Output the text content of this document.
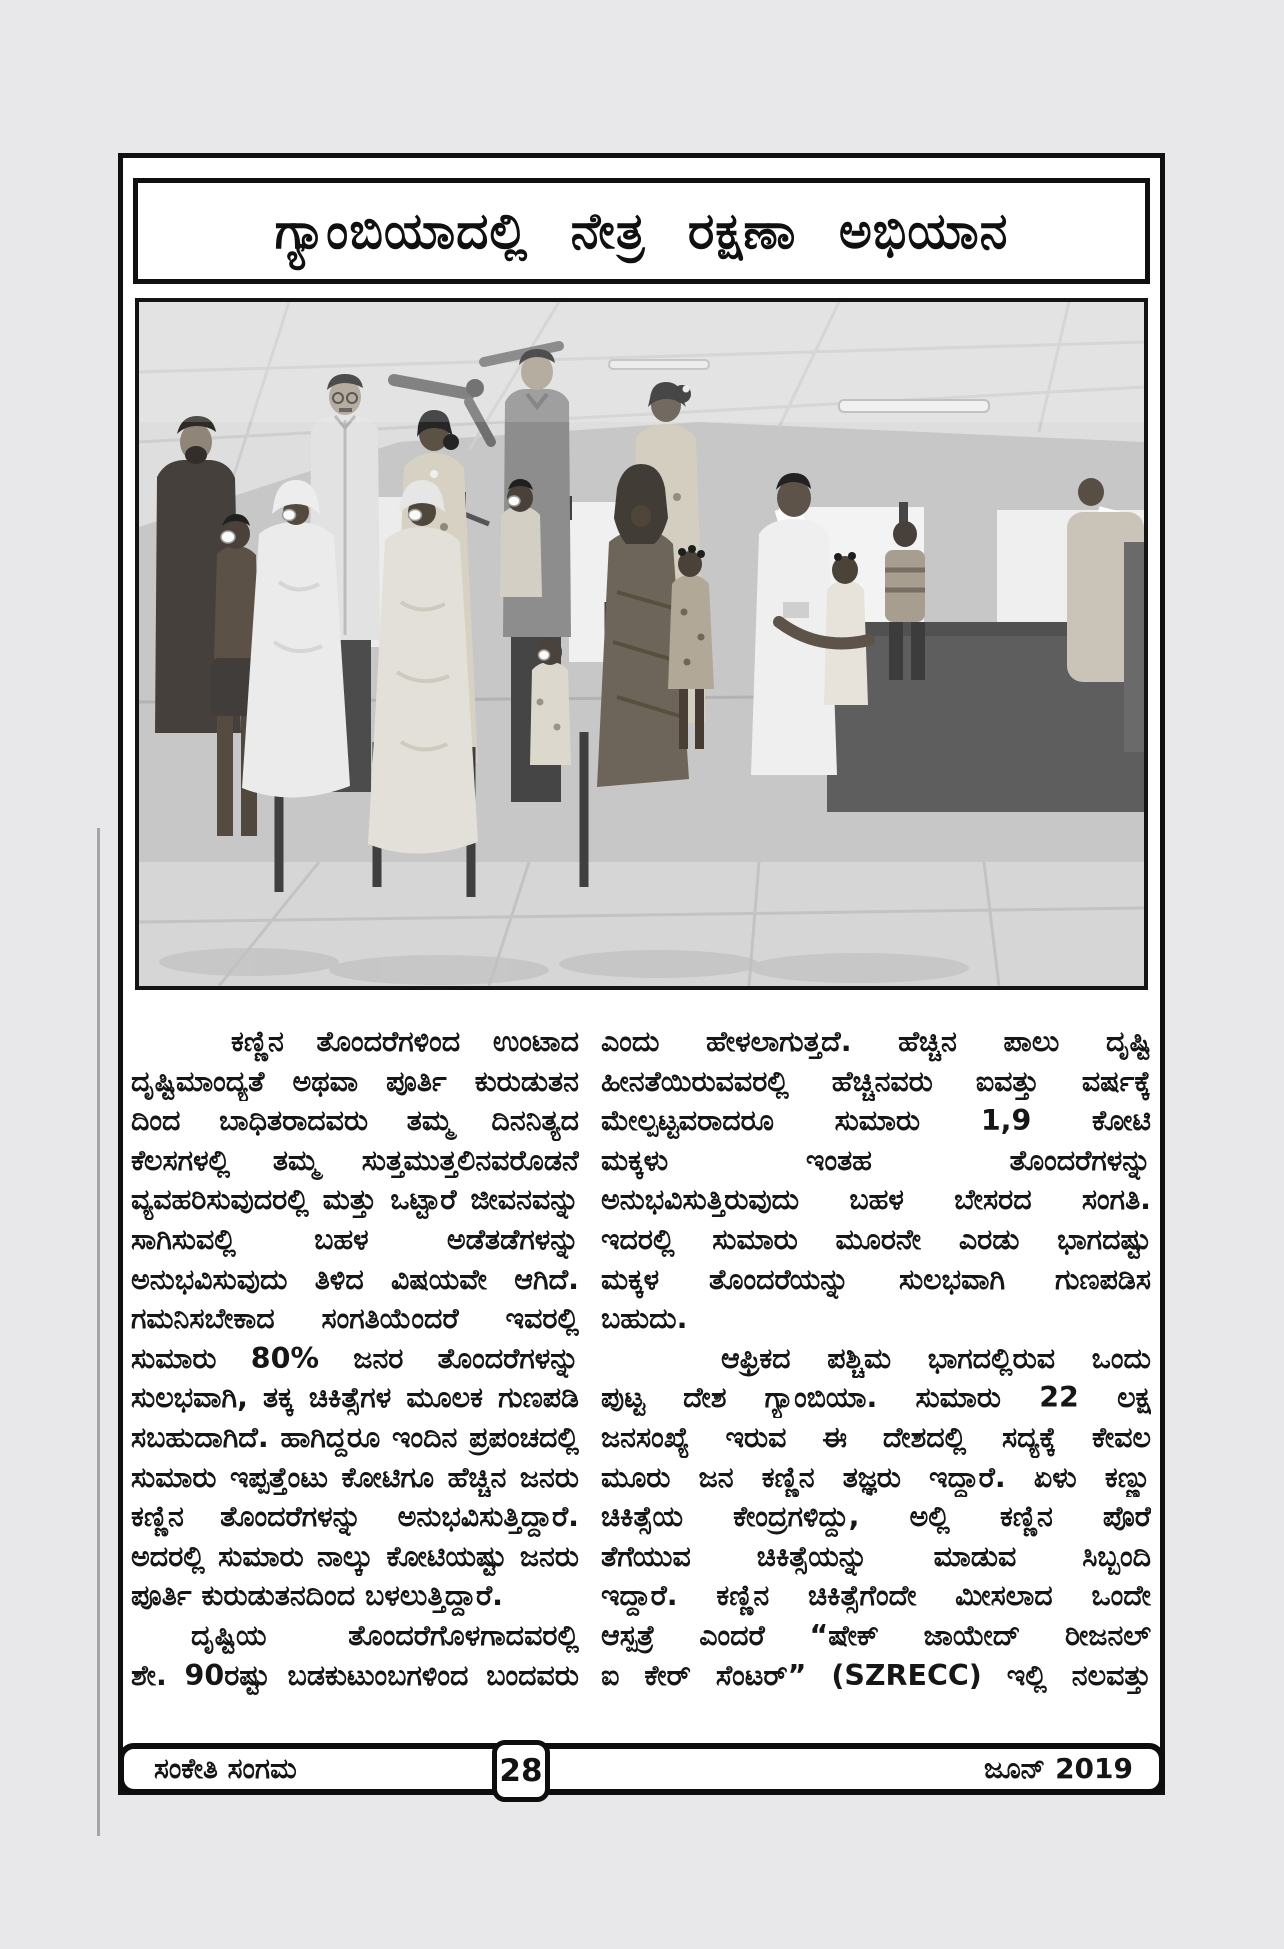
ಗ್ಯಾಂಬಿಯಾದಲ್ಲಿ ನೇತ್ರ ರಕ್ಷಣಾ ಅಭಿಯಾನ
ಕಣ್ಣಿನ ತೊಂದರೆಗಳಿಂದ ಉಂಟಾದ
ದೃಷ್ಟಿಮಾಂದ್ಯತೆ ಅಥವಾ ಪೂರ್ತಿ ಕುರುಡುತನ
ದಿಂದ ಬಾಧಿತರಾದವರು ತಮ್ಮ ದಿನನಿತ್ಯದ
ಕೆಲಸಗಳಲ್ಲಿ ತಮ್ಮ ಸುತ್ತಮುತ್ತಲಿನವರೊಡನೆ
ವ್ಯವಹರಿಸುವುದರಲ್ಲಿ ಮತ್ತು ಒಟ್ಟಾರೆ ಜೀವನವನ್ನು
ಸಾಗಿಸುವಲ್ಲಿ ಬಹಳ ಅಡೆತಡೆಗಳನ್ನು
ಅನುಭವಿಸುವುದು ತಿಳಿದ ವಿಷಯವೇ ಆಗಿದೆ.
ಗಮನಿಸಬೇಕಾದ ಸಂಗತಿಯೆಂದರೆ ಇವರಲ್ಲಿ
ಸುಮಾರು 80% ಜನರ ತೊಂದರೆಗಳನ್ನು
ಸುಲಭವಾಗಿ, ತಕ್ಕ ಚಿಕಿತ್ಸೆಗಳ ಮೂಲಕ ಗುಣಪಡಿ
ಸಬಹುದಾಗಿದೆ. ಹಾಗಿದ್ದರೂ ಇಂದಿನ ಪ್ರಪಂಚದಲ್ಲಿ
ಸುಮಾರು ಇಪ್ಪತ್ತೆಂಟು ಕೋಟಿಗೂ ಹೆಚ್ಚಿನ ಜನರು
ಕಣ್ಣಿನ ತೊಂದರೆಗಳನ್ನು ಅನುಭವಿಸುತ್ತಿದ್ದಾರೆ.
ಅದರಲ್ಲಿ ಸುಮಾರು ನಾಲ್ಕು ಕೋಟಿಯಷ್ಟು ಜನರು
ಪೂರ್ತಿ ಕುರುಡುತನದಿಂದ ಬಳಲುತ್ತಿದ್ದಾರೆ.
ದೃಷ್ಟಿಯ ತೊಂದರೆಗೊಳಗಾದವರಲ್ಲಿ
ಶೇ. 90ರಷ್ಟು ಬಡಕುಟುಂಬಗಳಿಂದ ಬಂದವರು
ಎಂದು ಹೇಳಲಾಗುತ್ತದೆ. ಹೆಚ್ಚಿನ ಪಾಲು ದೃಷ್ಟಿ
ಹೀನತೆಯಿರುವವರಲ್ಲಿ ಹೆಚ್ಚಿನವರು ಐವತ್ತು ವರ್ಷಕ್ಕೆ
ಮೇಲ್ಪಟ್ಟವರಾದರೂ ಸುಮಾರು 1,9 ಕೋಟಿ
ಮಕ್ಕಳು ಇಂತಹ ತೊಂದರೆಗಳನ್ನು
ಅನುಭವಿಸುತ್ತಿರುವುದು ಬಹಳ ಬೇಸರದ ಸಂಗತಿ.
ಇದರಲ್ಲಿ ಸುಮಾರು ಮೂರನೇ ಎರಡು ಭಾಗದಷ್ಟು
ಮಕ್ಕಳ ತೊಂದರೆಯನ್ನು ಸುಲಭವಾಗಿ ಗುಣಪಡಿಸ
ಬಹುದು.
ಆಫ್ರಿಕದ ಪಶ್ಚಿಮ ಭಾಗದಲ್ಲಿರುವ ಒಂದು
ಪುಟ್ಟ ದೇಶ ಗ್ಯಾಂಬಿಯಾ. ಸುಮಾರು 22 ಲಕ್ಷ
ಜನಸಂಖ್ಯೆ ಇರುವ ಈ ದೇಶದಲ್ಲಿ ಸದ್ಯಕ್ಕೆ ಕೇವಲ
ಮೂರು ಜನ ಕಣ್ಣಿನ ತಜ್ಞರು ಇದ್ದಾರೆ. ಏಳು ಕಣ್ಣು
ಚಿಕಿತ್ಸೆಯ ಕೇಂದ್ರಗಳಿದ್ದು, ಅಲ್ಲಿ ಕಣ್ಣಿನ ಪೊರೆ
ತೆಗೆಯುವ ಚಿಕಿತ್ಸೆಯನ್ನು ಮಾಡುವ ಸಿಬ್ಬಂದಿ
ಇದ್ದಾರೆ. ಕಣ್ಣಿನ ಚಿಕಿತ್ಸೆಗೆಂದೇ ಮೀಸಲಾದ ಒಂದೇ
ಆಸ್ಪತ್ರೆ ಎಂದರೆ “ಷೇಕ್ ಜಾಯೇದ್ ರೀಜನಲ್
ಐ ಕೇರ್ ಸೆಂಟರ್” (SZRECC) ಇಲ್ಲಿ ನಲವತ್ತು
ಸಂಕೇತಿ ಸಂಗಮ	ಜೂನ್ 2019
28
